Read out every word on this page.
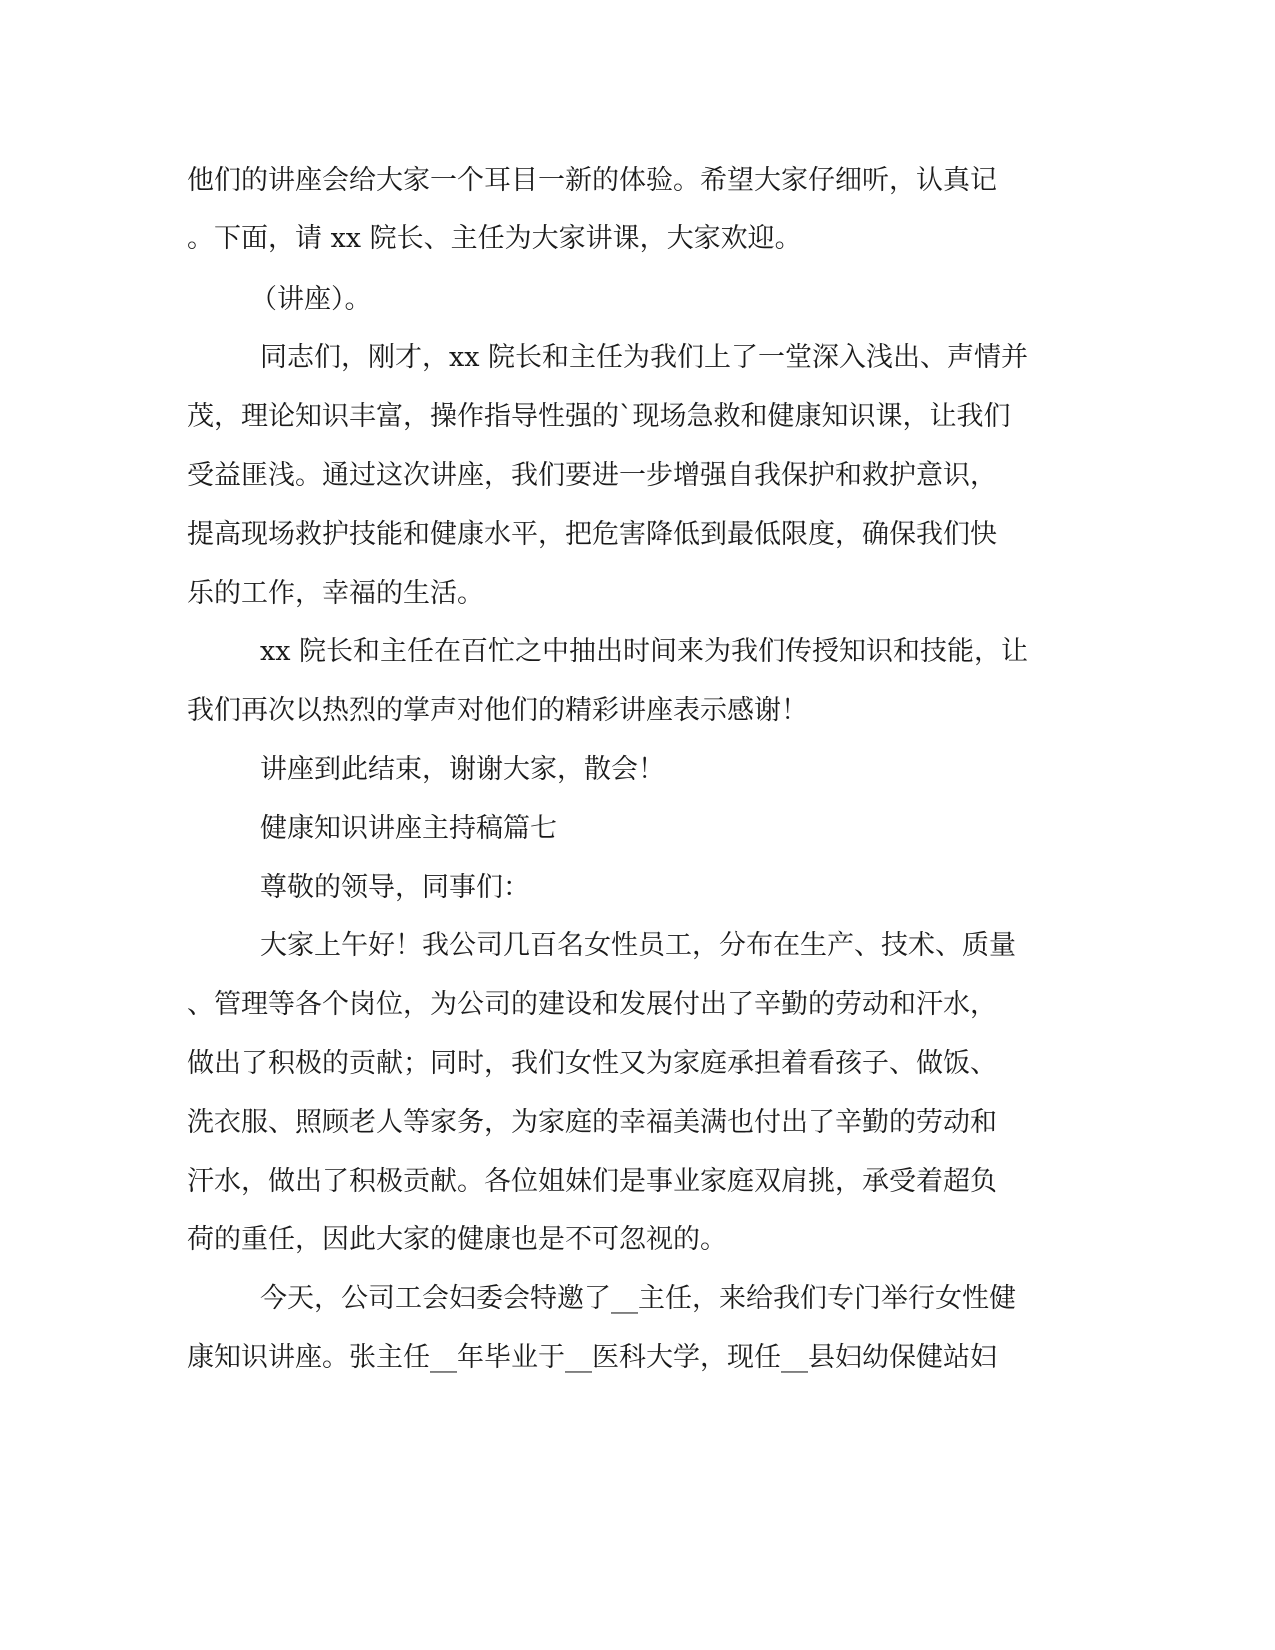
他们的讲座会给大家一个耳目一新的体验。希望大家仔细听，认真记
。下面，请 xx 院长、主任为大家讲课，大家欢迎。
（讲座）。
同志们，刚才，xx 院长和主任为我们上了一堂深入浅出、声情并
茂，理论知识丰富，操作指导性强的`现场急救和健康知识课，让我们
受益匪浅。通过这次讲座，我们要进一步增强自我保护和救护意识，
提高现场救护技能和健康水平，把危害降低到最低限度，确保我们快
乐的工作，幸福的生活。
xx 院长和主任在百忙之中抽出时间来为我们传授知识和技能，让
我们再次以热烈的掌声对他们的精彩讲座表示感谢！
讲座到此结束，谢谢大家，散会！
健康知识讲座主持稿篇七
尊敬的领导，同事们：
大家上午好！我公司几百名女性员工，分布在生产、技术、质量
、管理等各个岗位，为公司的建设和发展付出了辛勤的劳动和汗水，
做出了积极的贡献；同时，我们女性又为家庭承担着看孩子、做饭、
洗衣服、照顾老人等家务，为家庭的幸福美满也付出了辛勤的劳动和
汗水，做出了积极贡献。各位姐妹们是事业家庭双肩挑，承受着超负
荷的重任，因此大家的健康也是不可忽视的。
今天，公司工会妇委会特邀了__主任，来给我们专门举行女性健
康知识讲座。张主任__年毕业于__医科大学，现任__县妇幼保健站妇
